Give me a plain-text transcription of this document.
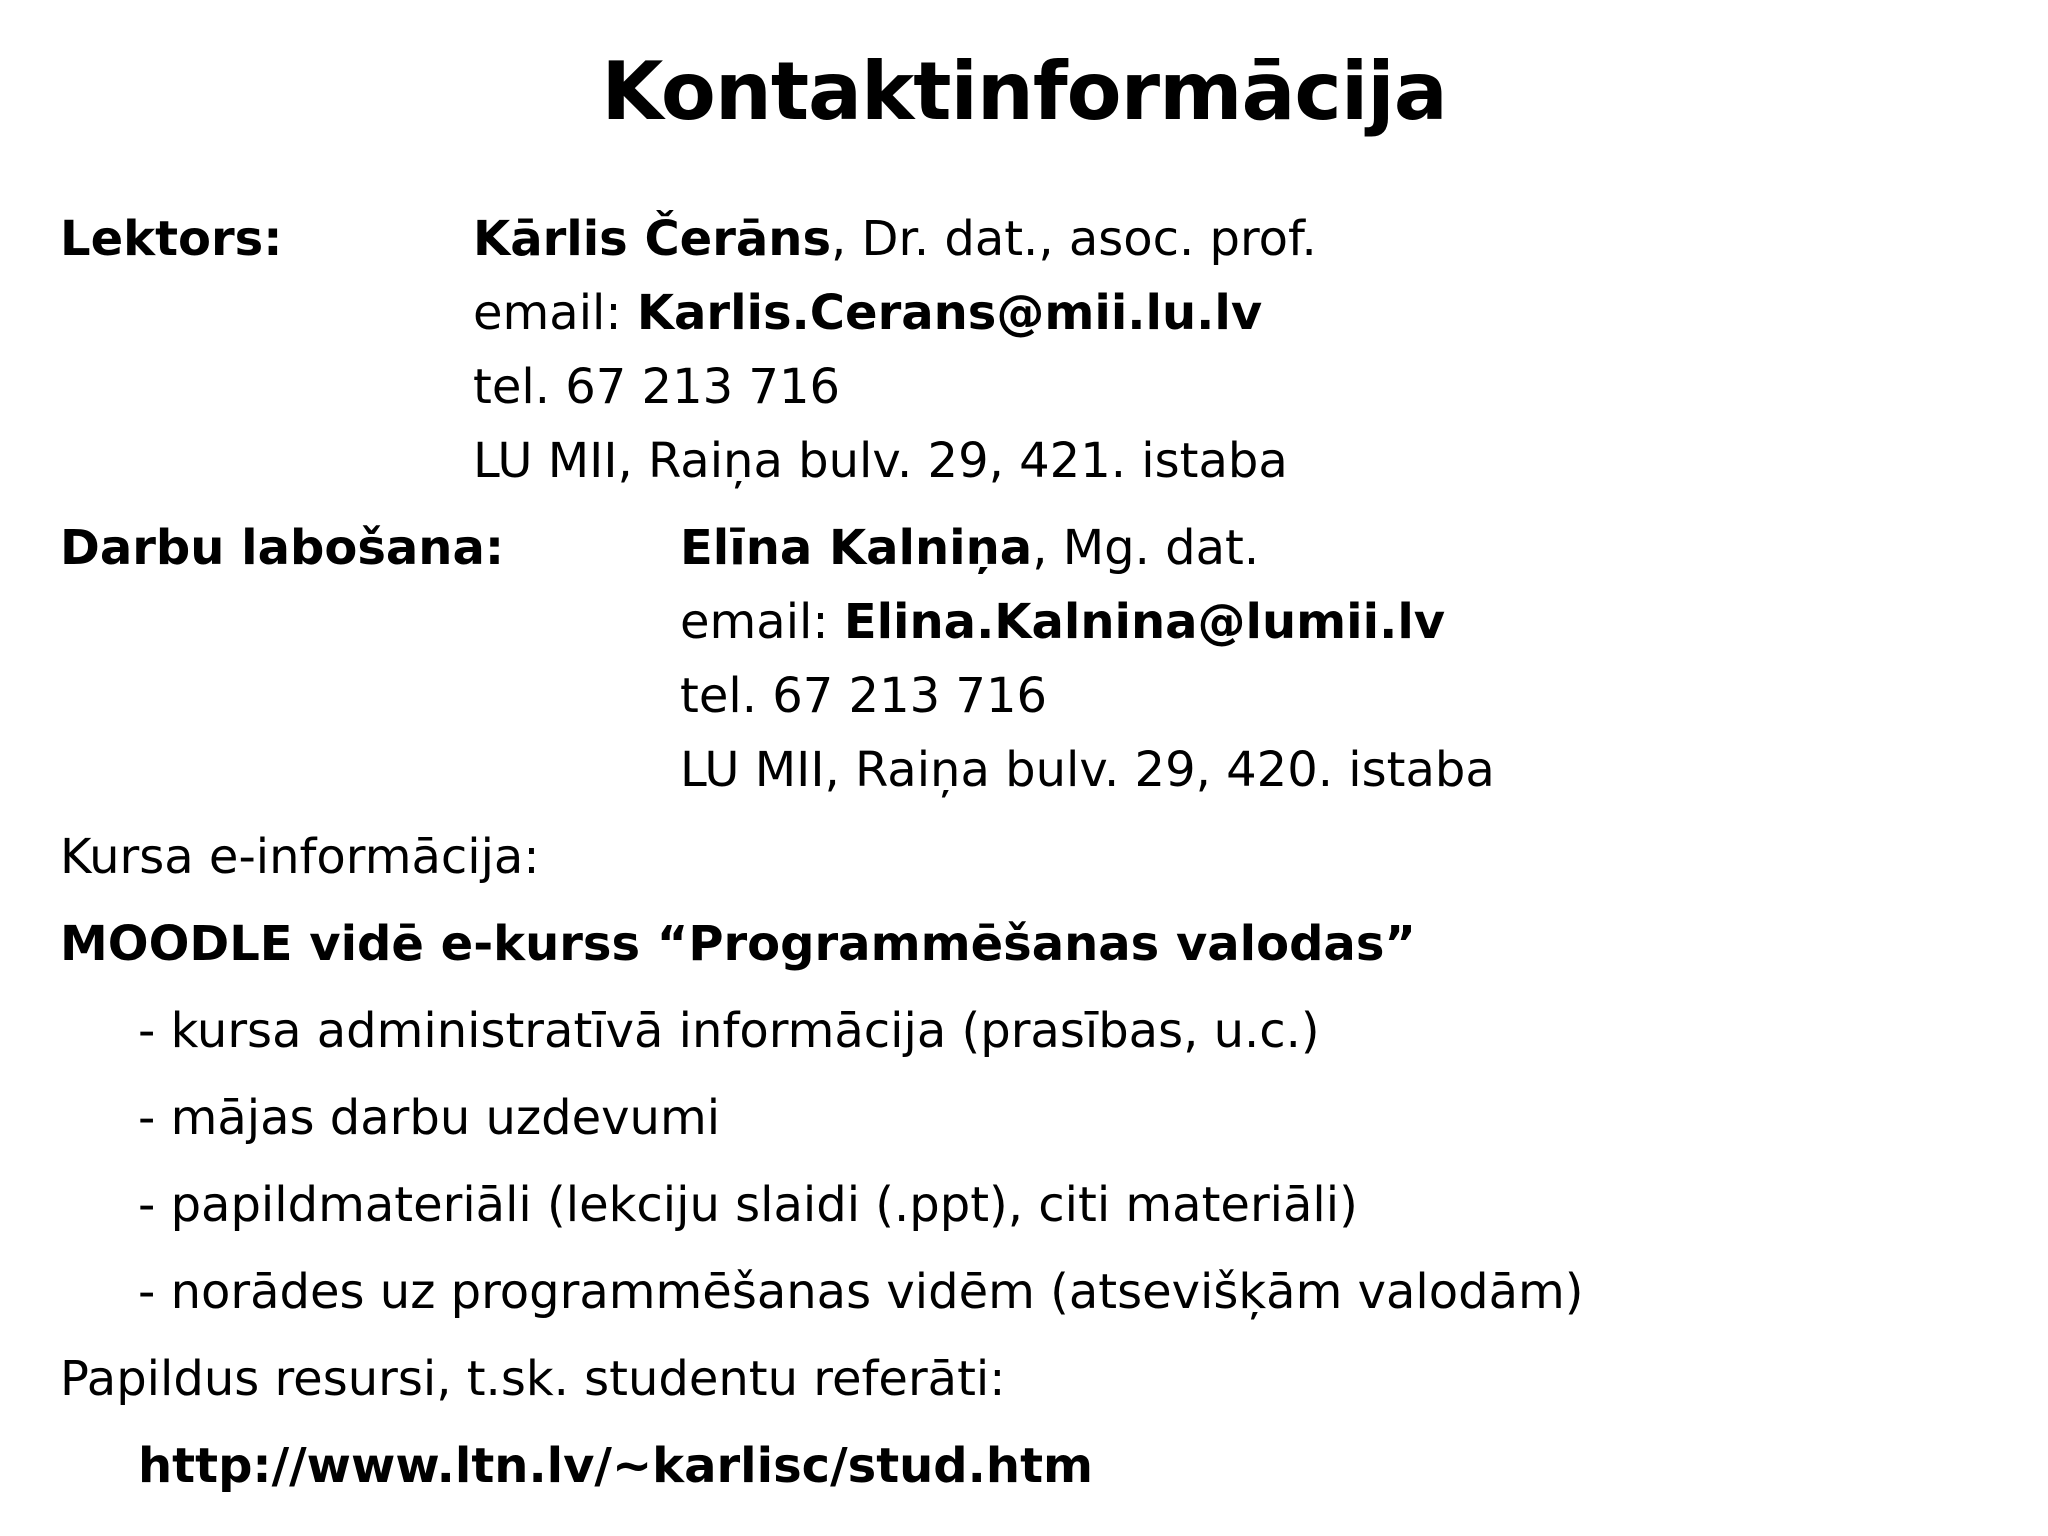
Kontaktinformācija
Lektors:	Kārlis Čerāns, Dr. dat., asoc. prof.
email: Karlis.Cerans@mii.lu.lv
tel. 67 213 716
LU MII, Raiņa bulv. 29, 421. istaba
Darbu labošana:	Elīna Kalniņa, Mg. dat.
email: Elina.Kalnina@lumii.lv
tel. 67 213 716
LU MII, Raiņa bulv. 29, 420. istaba
Kursa e-informācija:
MOODLE vidē e-kurss “Programmēšanas valodas”
- kursa administratīvā informācija (prasības, u.c.)
- mājas darbu uzdevumi
- papildmateriāli (lekciju slaidi (.ppt), citi materiāli)
- norādes uz programmēšanas vidēm (atsevišķām valodām)
Papildus resursi, t.sk. studentu referāti:
http://www.ltn.lv/~karlisc/stud.htm
